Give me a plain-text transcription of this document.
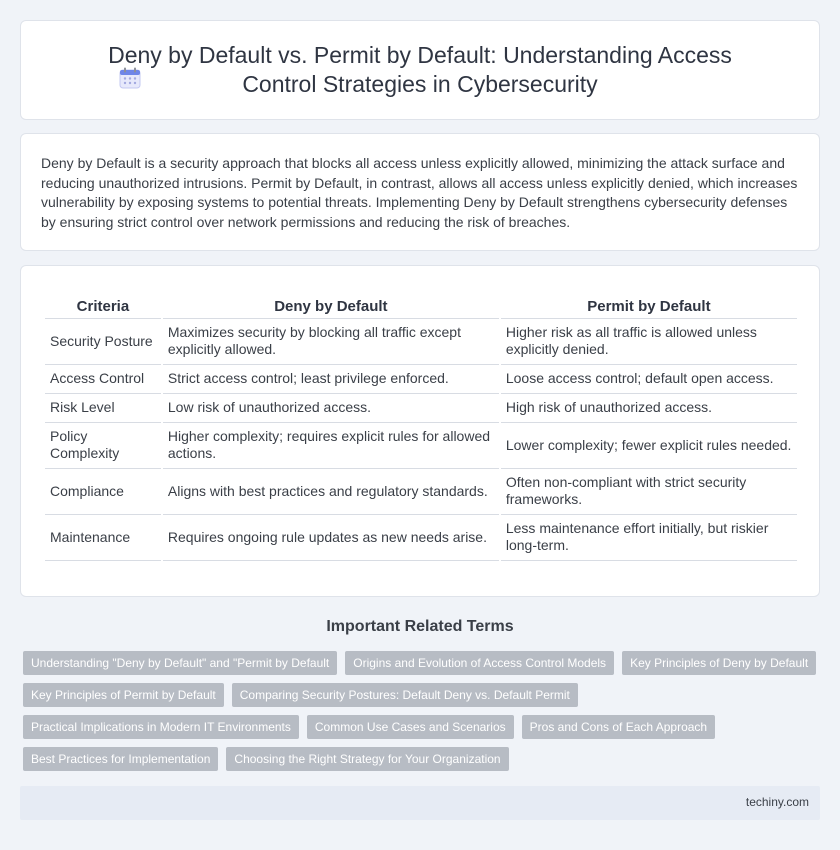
Deny by Default vs. Permit by Default: Understanding Access Control Strategies in Cybersecurity

Deny by Default is a security approach that blocks all access unless explicitly allowed, minimizing the attack surface and reducing unauthorized intrusions. Permit by Default, in contrast, allows all access unless explicitly denied, which increases vulnerability by exposing systems to potential threats. Implementing Deny by Default strengthens cybersecurity defenses by ensuring strict control over network permissions and reducing the risk of breaches.

Criteria	Deny by Default	Permit by Default
Security Posture	Maximizes security by blocking all traffic except explicitly allowed.	Higher risk as all traffic is allowed unless explicitly denied.
Access Control	Strict access control; least privilege enforced.	Loose access control; default open access.
Risk Level	Low risk of unauthorized access.	High risk of unauthorized access.
Policy Complexity	Higher complexity; requires explicit rules for allowed actions.	Lower complexity; fewer explicit rules needed.
Compliance	Aligns with best practices and regulatory standards.	Often non-compliant with strict security frameworks.
Maintenance	Requires ongoing rule updates as new needs arise.	Less maintenance effort initially, but riskier long-term.
Important Related Terms
Understanding "Deny by Default" and "Permit by Default	Origins and Evolution of Access Control Models	Key Principles of Deny by Default
Key Principles of Permit by Default	Comparing Security Postures: Default Deny vs. Default Permit
Practical Implications in Modern IT Environments	Common Use Cases and Scenarios	Pros and Cons of Each Approach
Best Practices for Implementation	Choosing the Right Strategy for Your Organization
techiny.com
